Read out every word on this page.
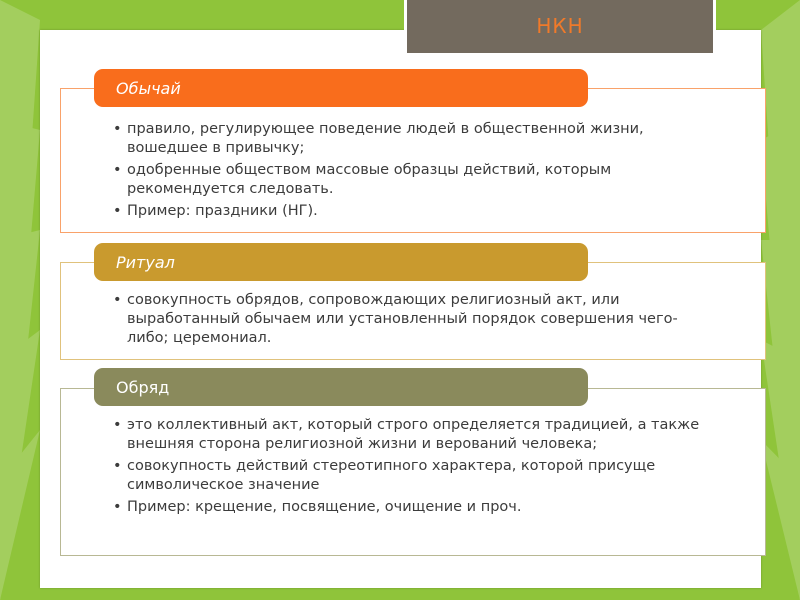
НКН
Обычай
• правило, регулирующее поведение людей в общественной жизни, вошедшее в привычку;
• одобренные обществом массовые образцы действий, которым рекомендуется следовать.
• Пример: праздники (НГ).
Ритуал
• совокупность обрядов, сопровождающих религиозный акт, или выработанный обычаем или установленный порядок совершения чего-либо; церемониал.
Обряд
• это коллективный акт, который строго определяется традицией, а также внешняя сторона религиозной жизни и верований человека;
• совокупность действий стереотипного характера, которой присуще символическое значение
• Пример: крещение, посвящение, очищение и проч.
